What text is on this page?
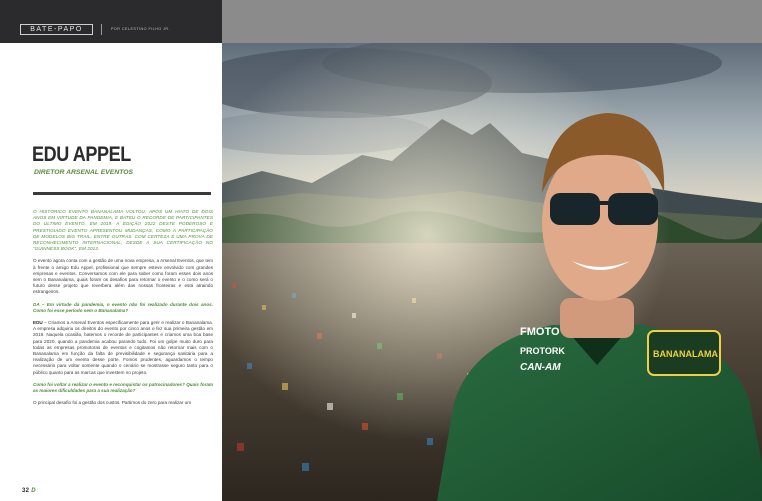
BATE-PAPO	POR CELESTINO FILHO JR.
EDU APPEL
DIRETOR ARSENAL EVENTOS

O HISTÓRICO EVENTO BANANALAMA VOLTOU, APÓS UM HIATO DE DOIS ANOS EM VIRTUDE DA PANDEMIA, E BATEU O RECORDE DE PARTICIPANTES DO ÚLTIMO EVENTO, EM 2019. A EDIÇÃO 2022 DESTE PODEROSO E PRESTIGIADO EVENTO APRESENTOU MUDANÇAS, COMO A PARTICIPAÇÃO DE MODELOS BIG TRAIL, ENTRE OUTRAS. COM CERTEZA É UMA PROVA DE RECONHECIMENTO INTERNACIONAL, DESDE A SUA CERTIFICAÇÃO NO “GUINNESS BOOK”, EM 2013.

O evento agora conta com a gestão de uma nova empresa, a Arsenal Eventos, que tem à frente o amigo Edu Appel, profissional que sempre esteve envolvido com grandes empresas e eventos. Conversamos com ele para saber como foram esses dois anos sem o Bananalama, quais foram os desafios para retornar o evento e o como será o futuro desse projeto que reverbera além das nossas fronteiras e está atraindo estrangeiros.

DA – Em virtude da pandemia, o evento não foi realizado durante dois anos. Como foi esse período sem o Bananalama?

EDU – Criamos a Arsenal Eventos especificamente para gerir e realizar o Bananalama. A empresa adquiriu os direitos do evento por cinco anos e fez sua primeira gestão em 2019. Naquela ocasião, batemos o recorde de participantes e criamos uma boa base para 2020, quando a pandemia acabou parando tudo. Foi um golpe muito duro para todas as empresas promotoras de eventos e cogitamos não retornar mais com o Bananalama em função da falta de previsibilidade e segurança sanitária para a realização de um evento desse porte. Fomos prudentes, aguardamos o tempo necessário para voltar somente quando o cenário se mostrasse seguro tanto para o público quanto para as marcas que investem no projeto.

Como foi voltar a realizar o evento e reconquistar os patrocinadores? Quais foram as maiores dificuldades para a sua realização?

O principal desafio foi a gestão dos custos. Partimos do zero para realizar um

32 D
FMOTO
PROTORK
CAN-AM
BANANALAMA
